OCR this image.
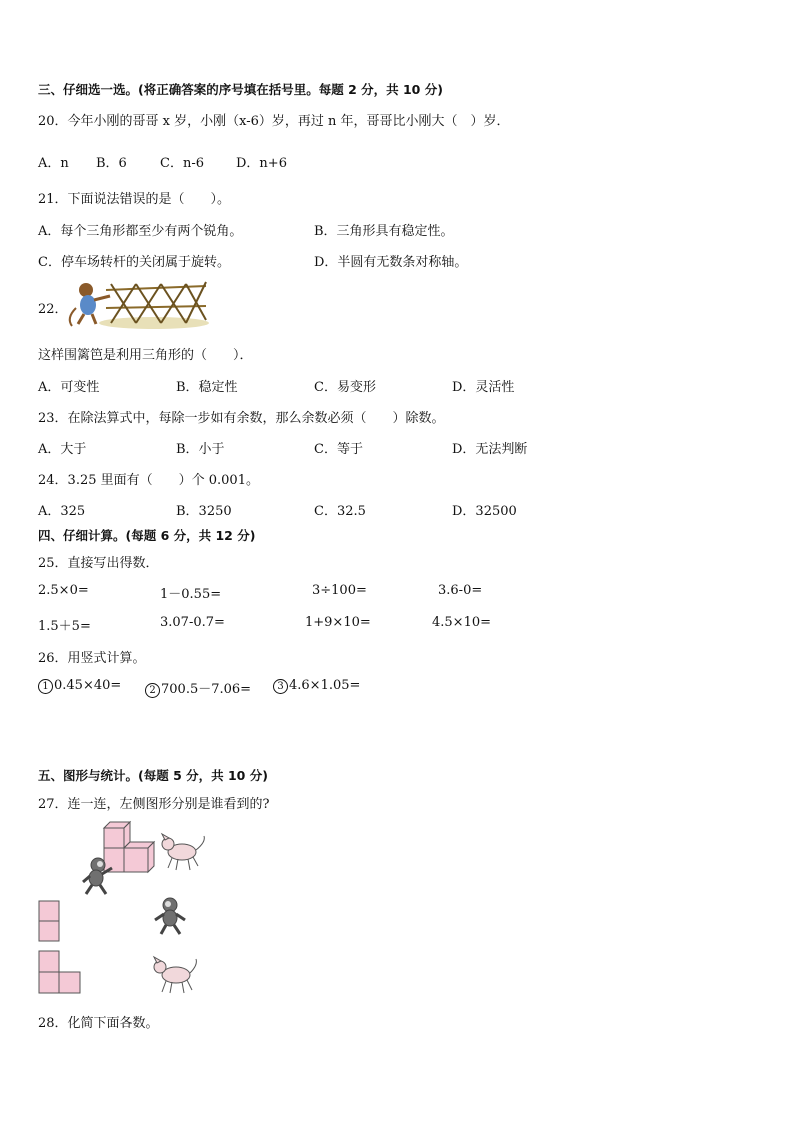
三、仔细选一选。(将正确答案的序号填在括号里。每题 2 分，共 10 分)
20．今年小刚的哥哥 x 岁，小刚（x-6）岁，再过 n 年，哥哥比小刚大（　）岁．
A．n B．6	C．n-6 D．n+6
21．下面说法错误的是（　　）。
A．每个三角形都至少有两个锐角。	B．三角形具有稳定性。
C．停车场转杆的关闭属于旋转。	D．半圆有无数条对称轴。
22．
这样围篱笆是利用三角形的（　　）．
A．可变性	B．稳定性	C．易变形	D．灵活性
23．在除法算式中，每除一步如有余数，那么余数必须（　　）除数。
A．大于	B．小于	C．等于	D．无法判断
24．3.25 里面有（　　）个 0.001。
A．325	B．3250	C．32.5	D．32500
四、仔细计算。(每题 6 分，共 12 分)
25．直接写出得数．
2.5×0=	1－0.55=	3÷100=	3.6-0=
1.5＋5=	3.07-0.7=	1+9×10=	4.5×10=
26．用竖式计算。
1 0.45×40=	2 700.5－7.06=	3 4.6×1.05=
五、图形与统计。(每题 5 分，共 10 分)
27．连一连，左侧图形分别是谁看到的?
28．化简下面各数。
